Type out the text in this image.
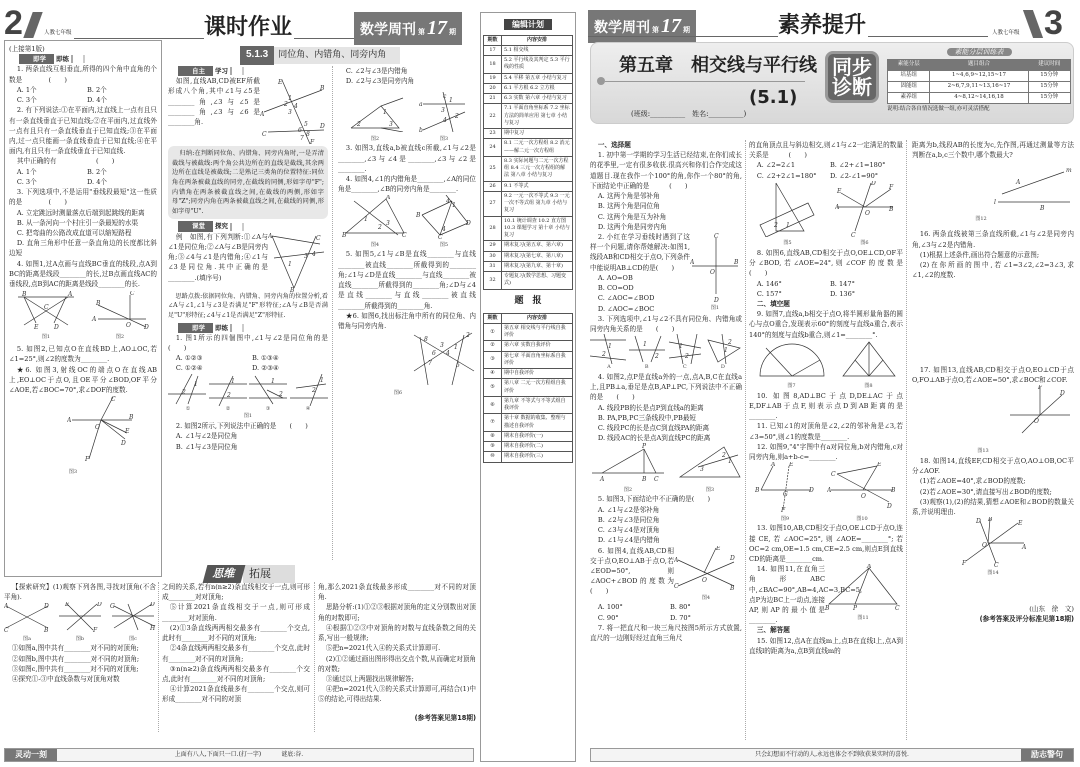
2	人教七年级	课时作业	数学周刊 第 17 期

(上接第1版)

即学	即练

1. 两条直线互相垂直,所得的四个角中直角的个数是　　　　(　　)

A. 1个	B. 2个
C. 3个	D. 4个

2. 有下列说法:①在平面内,过直线上一点有且只有一条直线垂直于已知直线;②在平面内,过直线外一点有且只有一条直线垂直于已知直线;③在平面内,过一点只能画一条直线垂直于已知直线;④在平面内,有且只有一条直线垂直于已知直线.

其中正确的有　　　　　　(　　)

A. 1个	B. 2个
C. 3个	D. 4个

3. 下列选项中,不是运用"垂线段最短"这一性质的是　　　　(　　)

A. 立定跳远时测量落点后端到起跳线的距离

B. 从一条河向一个村庄引一条最短的水渠

C. 把弯曲的公路改成直道可以缩短路程

D. 直角三角形中任意一条直角边的长度都比斜边短

4. 如图1,过A点画与直线BC垂直的线段,点A到BC的距离是线段________的长,过B点画直线AC的垂线段,点B到AC的距离是线段________的长.

B	A
C
E	D
图1
C
B
A
O D
图2

5. 如图2,已知点O在直线BD上,AO⊥OC,若∠1=25°,则∠2的度数为________.

★6. 如图3,射线OC的端点O在直线AB上,EO⊥OC于点O,且OE平分∠BOD,OF平分∠AOE,若∠BOC=70°,求∠DOF的度数.

A	B
C
F
E
D
O
图3
5.1.3	同位角、内错角、同旁内角
自主	学习

如图,直线AB,CD被EF所截形成八个角,其中∠1与∠5是________角,∠3与∠5是________角,∠3与∠6是________角.

E
A
B
C
D
F
1
2 4
3
5
6
8
7

归纳:在判断同位角、内错角、同旁内角时,一是弄清截线与被截线:两个角公共边所在的直线是截线,其余两边所在直线是被截线;二是熟记三类角的位置特征:同位角在两条被截直线的同旁,在截线的同侧,形如字母"F";内错角在两条被截直线之间,在截线的两侧,形如字母"Z";同旁内角在两条被截直线之间,在截线的同侧,形如字母"U".

课堂	探究

例　如图,有下列判断:①∠A与∠1是同位角;②∠A与∠B是同旁内角;③∠4与∠1是内错角;④∠1与∠3是同位角.其中正确的是________.(填序号)

A
B
C
1
3 4

思路点拨:依据同位角、内错角、同旁内角的位置分析,看∠A与∠1,∠1与∠3是否满足"F"形特征;∠A与∠B是否满足"U"形特征;∠4与∠1是否满足"Z"形特征.

即学	即练

1. 图1所示的四個图中,∠1与∠2是同位角的是　　　　(　　)

A. ①②③	B. ①③④
C. ①②④	D. ②③④
1
2
1
2
1
2
1
2
①	②	③	④
图1

2. 如图2所示,下列说法中正确的是　　(　　)

A. ∠1与∠2是同位角

B. ∠1与∠3是同位角

C. ∠2与∠3是内错角

D. ∠2与∠3是同旁内角

1
2	3
图2
a
b
c
1
3
2
4
图3

3. 如图3,直线a,b被直线c所截,∠1与∠2是________,∠3与∠4是________,∠3与∠2是________.

4. 如图4,∠1的内错角是________,∠A的同位角是________,∠B的同旁内角是________.

A
B	C
1
2
3
图4
B
C
D
4
1
4
图5

5. 如图5,∠1与∠B是直线________与直线________被直线________所截得到的________角;∠1与∠D是直线________与直线________被直线________所截得到的________角;∠D与∠4是直线________与直线________被直线________所截得到的________角.

★6. 如图6,找出标注角中所有的同位角、内错角与同旁内角.

8
3
6 4
1
2
7	5
图6
思维	拓展

【探索研究】(1)观察下列各图,寻找对顶角(不含平角).

A	D
C	B
图a
E	D
F
图b
G	D
H
图c

①如图a,图中共有________对不同的对顶角;

②如图b,图中共有________对不同的对顶角;

③如图c,图中共有________对不同的对顶角;

④探究①-③中直线条数与对顶角对数

之间的关系,若有n(n≥2)条直线相交于一点,则可形成________对对顶角;

⑤计算2021条直线相交于一点,则可形成________对对顶角.

(2)①3条直线两两相交最多有________个交点,此时有________对不同的对顶角;

②4条直线两两相交最多有________个交点,此时有________对不同的对顶角;

③n(n≥2)条直线两两相交最多有________个交点,此时有________对不同的对顶角;

④计算2021条直线最多有________个交点,则可形成________对不同的对顶

角,那么2021条直线最多形成________对不同的对顶角.

思路分析:(1)①②③根据对顶角的定义分别数出对顶角的对数即可;

④根据①②③中对顶角的对数与直线条数之间的关系,写出一般规律;

⑤把n=2021代入④的关系式计算即可.

(2)①②通过画出图形得出交点个数,从而确定对顶角的对数;

③通过以上两题找出规律解答;

④把n=2021代入③的关系式计算即可,再结合(1)中⑤的结论,可得出结果.

(参考答案见第18期)

灵动一刻	上面有八人,下面只一口.(打一字)	谜底:谷.
编辑计划
期数	内容安排
17	5.1 相交线
18	5.2 平行线及其判定 5.3 平行线的性质
19	5.4 平移 第五章 小结与复习
20	6.1 平方根 6.2 立方根
21	6.3 实数 第六章 小结与复习
22	7.1 平面直角坐标系 7.2 坐标方法的简单应用 第七章 小结与复习
23	期中复习
24	8.1 二元一次方程组 8.2 消元——解二元一次方程组
25	8.3 实际问题与二元一次方程组 8.4 三元一次方程组的解法 第八章 小结与复习
26	9.1 不等式
27	9.2 一元一次不等式 9.3 一元一次不等式组 第九章 小结与复习
28	10.1 统计调查 10.2 直方图 10.3 课题学习 第十章 小结与复习
29	期末复习(第五章、第六章)
30	期末复习(第七章、第八章)
31	期末复习(第九章、第十章)
32	专题复习(数学思想、习题变式)
题　报
期数	内容安排
①	第五章 相交线与平行线自我评价
②	第六章 实数自我评价
③	第七章 平面直角坐标系自我评价
④	期中自我评价
⑤	第八章 二元一次方程组自我评价
⑥	第九章 不等式与不等式组自我评价
⑦	第十章 数据的收集、整理与描述自我评价
⑧	期末自我评价(一)
⑨	期末自我评价(二)
⑩	期末自我评价(三)
数学周刊 第 17 期	素养提升	人教七年级 3
第五章　相交线与平行线
(5.1)
(班级:__________　姓名:__________)
同步
诊断
素能分层训练表
素能分层	题目组合	建议时间
培基组	1~4,6,9~12,15~17	15分钟
固能组	2~6,7,9,11~13,16~17	15分钟
素养组	4~8,12~14,16,18	15分钟
说明:结合各自情况选做一组,亦可灵活搭配

一、选择题

1. 初中第一学期的学习生活已经结束,在你们成长的花季里,一定有很多收获.很高兴和你们合作完成这道题目.现在我作一个100°的角,你作一个80°的角,下面结论中正确的是　　　(　　)

A. 这两个角是邻补角

B. 这两个角是同位角

C. 这两个角是互为补角

D. 这两个角是同旁内角

2. 小红在学习垂线时遇到了这样一个问题,请你帮她解决:如图1,线段AB和CD相交于点O,下列条件中能说明AB⊥CD的是(　　)

A. AO=OB

B. CO=OD

C. ∠AOC=∠BOD

D. ∠AOC=∠BOC

C
A	B
O
D
图1

3. 下列选项中,∠1与∠2不具有同位角、内错角或同旁内角关系的是　　(　　)

1
2
1
2
1
2
2
1
A	B	C	D

4. 如图2,点P是直线a外的一点,点A,B,C在直线a上,且PB⊥a,垂足是点B,AP⊥PC,下列说法中不正确的是　　(　　)

A. 线段PB的长是点P到直线a的距离

B. PA,PB,PC三条线段中,PB最短

C. 线段PC的长是点C到直线PA的距离

D. 线段AC的长是点A到直线PC的距离

P
A	B C
图2
3
2
1
图3

5. 如图3,下面结论中不正确的是(　　)

A. ∠1与∠2是邻补角

B. ∠2与∠3是同位角

C. ∠3与∠4是对顶角

D. ∠1与∠4是内错角

6. 如图4,直线AB,CD相交于点O,EO⊥AB于点O,若∠EOD=50°,则∠AOC+∠BOD的度数为(　　)

E
A	D
C	B
O
图4
A. 100°	B. 80°
C. 90°	D. 70°

7. 将一把直尺和一块三角尺按图5所示方式放置,直尺的一边刚好经过直角三角尺

的直角顶点且与斜边相交,则∠1与∠2一定满足的数量关系是　　　(　　)

A. ∠2=2∠1	B. ∠2+∠1=180°
C. ∠2+2∠1=180°	D. ∠2-∠1=90°
2 1
图5
D
E
A	B
F
C
O
图6

8. 如图6,直线AB,CD相交于点O,OE⊥CD,OF平分∠BOD,若∠AOE=24°,则∠COF的度数是　　　(　　)

A. 146°	B. 147°
C. 157°	D. 136°

二、填空题

9. 如图7,直线a,b相交于点O,将半圆形量角器的圆心与点O重合,发现表示60°的刻度与直线a重合,表示140°的刻度与直线b重合,则∠1=________°.

图7	图8

10. 如图8,AD⊥BC于点D,DE⊥AC于点E,DF⊥AB于点F,则表示点D到AB距离的是________.

11. 已知∠1的对顶角是∠2,∠2的邻补角是∠3,若∠3=50°,则∠1的度数是________.

12. 如图9,"4"字图中有a对同位角,b对内错角,c对同旁内角,则a+b-c=________.

A E
B
G
D
F
图9
C
E
A	B
O
D
图10

13. 如图10,AB,CD相交于点O,OE⊥CD于点O,连接CE,若∠AOC=25°,则∠AOE=________°;若OC=2 cm,OE=1.5 cm,CE=2.5 cm,则点E到直线CD的距离是________cm.

14. 如图11,在直角三角形ABC中,∠BAC=90°,AB=4,AC=3,BC=5,点P为边BC上一动点,连接AP,则AP的最小值是________.

A
B	P	C
图11

三、解答题

15. 如图12,点A在直线m上,点B在直线l上,点A到直线l的距离为a,点B到直线m的

距离为b,线段AB的长度为c,先作图,再通过测量等方法判断在a,b,c三个数中,哪个数最大?

A
m
l
B
图12

16. 两条直线被第三条直线所截,∠1与∠2是同旁内角,∠3与∠2是内错角.

(1)根据上述条件,画出符合题意的示意图;

(2)在你所画的图中,若∠1=3∠2,∠2=3∠3,求∠1,∠2的度数.

17. 如图13,直线AB,CD相交于点O,EO⊥CD于点O,FO⊥AB于点O,若∠AOE=50°,求∠BOC和∠COF.

F
D
O
图13

18. 如图14,直线EF,CD相交于点O,AO⊥OB,OC平分∠AOF.

(1)若∠AOE=40°,求∠BOD的度数;

(2)若∠AOE=30°,请直接写出∠BOD的度数;

(3)观察(1),(2)的结果,猜想∠AOE和∠BOD的数量关系,并说明理由.

D B
E
A
F	C
O
图14

(山东　徐　文)

(参考答案及评分标准见第18期)

只会幻想而不行动的人,永远也体会不到收获果实时的喜悦.	励志警句
